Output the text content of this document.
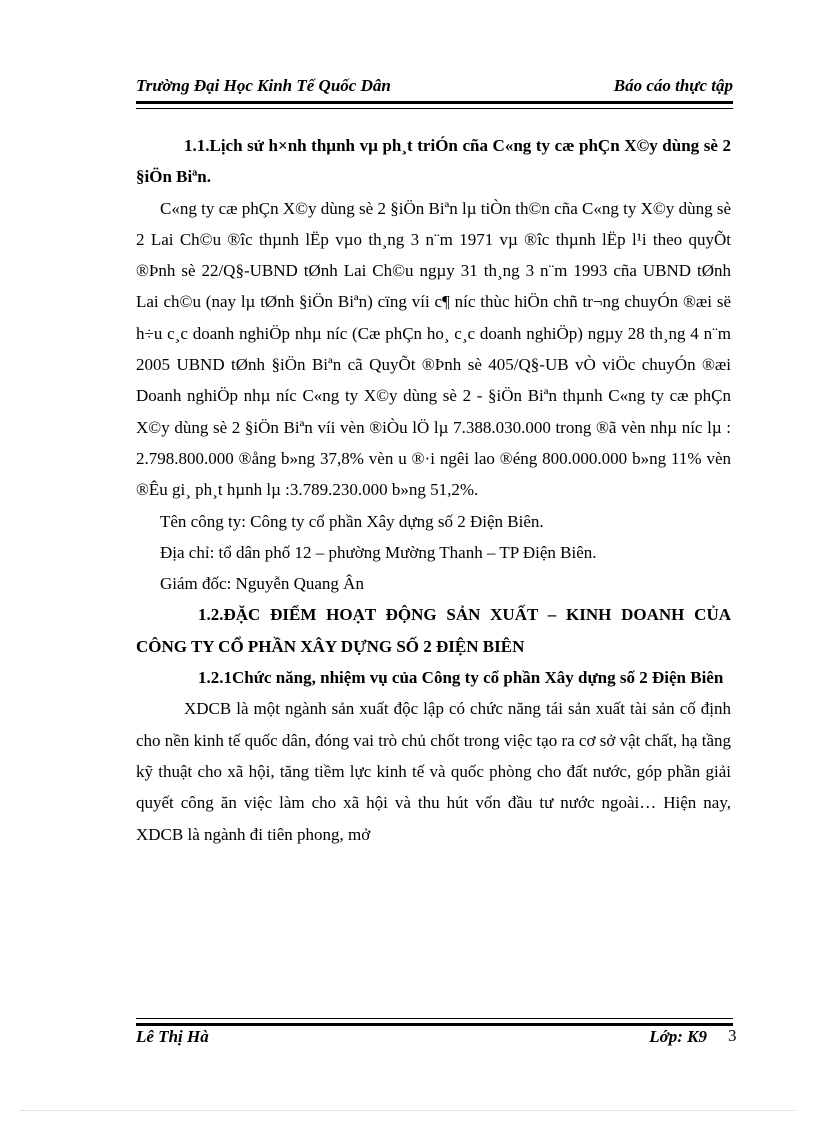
Trường Đại Học Kinh Tế Quốc Dân	Báo cáo thực tập

1.1.Lịch sử h×nh thµnh vµ ph¸t triÓn cña C«ng ty cæ phÇn X©y dùng sè 2 §iÖn Biªn.

C«ng ty cæ phÇn X©y dùng sè 2 §iÖn Biªn lµ tiÒn th©n cña C«ng ty X©y dùng sè 2 Lai Ch©u ®îc thµnh lËp vµo th¸ng 3 n¨m 1971 vµ ®îc thµnh lËp l¹i theo quyÕt ®Þnh sè 22/Q§-UBND tØnh Lai Ch©u ngµy 31 th¸ng 3 n¨m 1993 cña UBND tØnh Lai ch©u (nay lµ tØnh §iÖn Biªn) cïng víi c¶ níc thùc hiÖn chñ tr¬ng chuyÓn ®æi së h÷u c¸c doanh nghiÖp nhµ níc (Cæ phÇn ho¸ c¸c doanh nghiÖp) ngµy 28 th¸ng 4 n¨m 2005 UBND tØnh §iÖn Biªn cã QuyÕt ®Þnh sè 405/Q§-UB vÒ viÖc chuyÓn ®æi Doanh nghiÖp nhµ níc C«ng ty X©y dùng sè 2 - §iÖn Biªn thµnh C«ng ty cæ phÇn X©y dùng sè 2 §iÖn Biªn víi vèn ®iÒu lÖ lµ 7.388.030.000 trong ®ã vèn nhµ níc lµ : 2.798.800.000 ®ång b»ng 37,8% vèn u ®·i ngêi lao ®éng 800.000.000 b»ng 11% vèn ®Êu gi¸ ph¸t hµnh lµ :3.789.230.000 b»ng 51,2%.

Tên công ty: Công ty cổ phần Xây dựng số 2 Điện Biên.

Địa chỉ: tổ dân phố 12 – phường Mường Thanh – TP Điện Biên.

Giám đốc: Nguyễn Quang Ân

1.2.ĐẶC ĐIỂM HOẠT ĐỘNG SẢN XUẤT – KINH DOANH CỦA CÔNG TY CỔ PHẦN XÂY DỰNG SỐ 2 ĐIỆN BIÊN

1.2.1Chức năng, nhiệm vụ của Công ty cổ phần Xây dựng số 2 Điện Biên

XDCB là một ngành sản xuất độc lập có chức năng tái sản xuất tài sản cố định cho nền kinh tế quốc dân, đóng vai trò chủ chốt trong việc tạo ra cơ sở vật chất, hạ tầng kỹ thuật cho xã hội, tăng tiềm lực kinh tế và quốc phòng cho đất nước, góp phần giải quyết công ăn việc làm cho xã hội và thu hút vốn đầu tư nước ngoài… Hiện nay, XDCB là ngành đi tiên phong, mở

Lê Thị Hà	Lớp: K9 3
